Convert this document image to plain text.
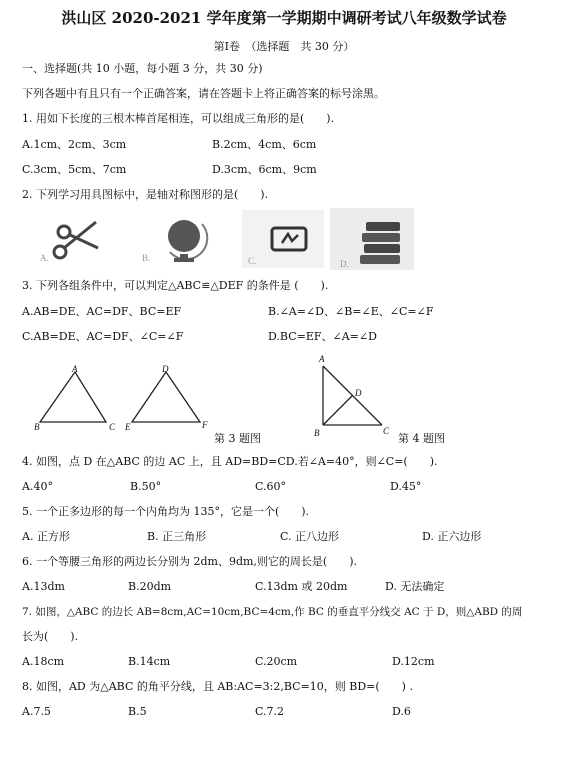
洪山区 2020-2021 学年度第一学期期中调研考试八年级数学试卷
第Ⅰ卷　（选择题　共 30 分）
一、选择题(共 10 小题，每小题 3 分，共 30 分)
下列各题中有且只有一个正确答案，请在答题卡上将正确答案的标号涂黑。
1. 用如下长度的三根木棒首尾相连，可以组成三角形的是(　　).
A.1cm、2cm、3cm	B.2cm、4cm、6cm
C.3cm、5cm、7cm	D.3cm、6cm、9cm
2. 下列学习用具图标中，是轴对称图形的是(　　).
A.	B.	C.	D.
3. 下列各组条件中，可以判定△ABC≌△DEF 的条件是 (　　).
A.AB=DE、AC=DF、BC=EF	B.∠A=∠D、∠B=∠E、∠C=∠F
C.AB=DE、AC=DF、∠C=∠F	D.BC=EF、∠A=∠D
A
B	C
D
E	F
A
D
B	C
第 3 题图	第 4 题图
4. 如图，点 D 在△ABC 的边 AC 上，且 AD=BD=CD.若∠A=40°，则∠C=(　　).
A.40°	B.50°	C.60°	D.45°
5. 一个正多边形的每一个内角均为 135°，它是一个(　　).
A. 正方形	B. 正三角形	C. 正八边形	D. 正六边形
6. 一个等腰三角形的两边长分别为 2dm、9dm,则它的周长是(　　).
A.13dm	B.20dm	C.13dm 或 20dm	D. 无法确定
7. 如图，△ABC 的边长 AB=8cm,AC=10cm,BC=4cm,作 BC 的垂直平分线交 AC 于 D，则△ABD 的周
长为(　　).
A.18cm	B.14cm	C.20cm	D.12cm
8. 如图，AD 为△ABC 的角平分线，且 AB:AC=3:2,BC=10，则 BD=(　　) .
A.7.5	B.5	C.7.2	D.6
